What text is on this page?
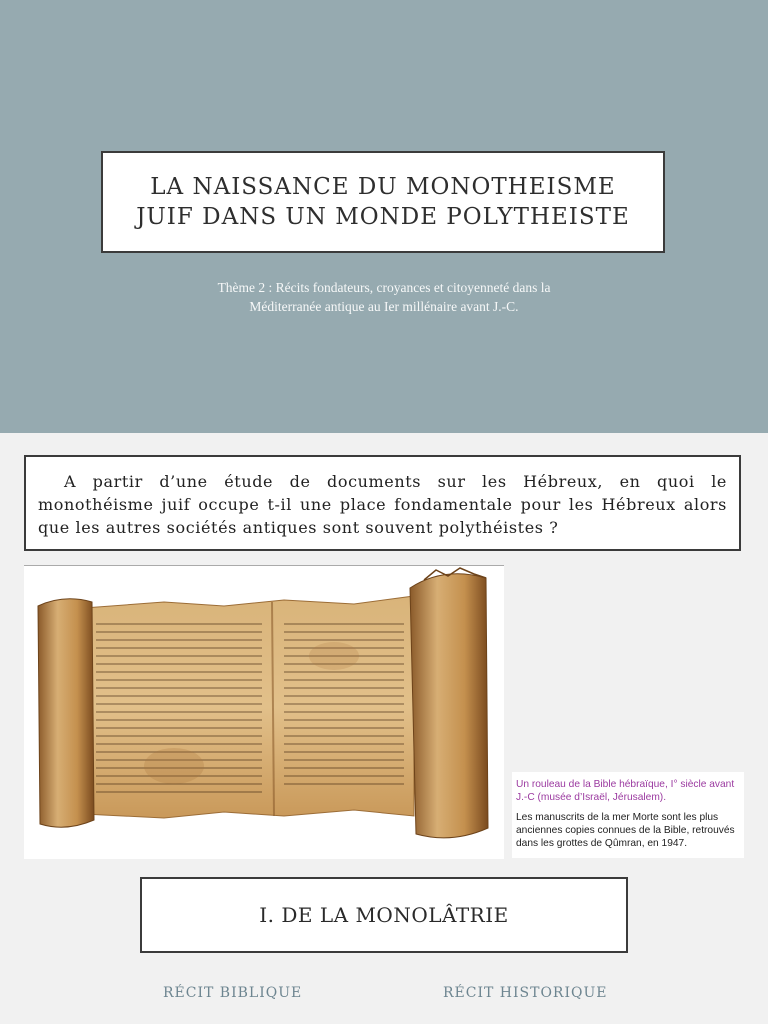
LA NAISSANCE DU MONOTHEISME
JUIF DANS UN MONDE POLYTHEISTE
Thème 2 : Récits fondateurs, croyances et citoyenneté dans la
Méditerranée antique au Ier millénaire avant J.-C.

A partir d’une étude de documents sur les Hébreux, en quoi le monothéisme juif occupe t-il une place fondamentale pour les Hébreux alors que les autres sociétés antiques sont souvent polythéistes ?

Un rouleau de la Bible hébraïque, I° siècle avant J.-C (musée d’Israël, Jérusalem).

Les manuscrits de la mer Morte sont les plus anciennes copies connues de la Bible, retrouvés dans les grottes de Qûmran, en 1947.

I. DE LA MONOLÂTRIE
RÉCIT BIBLIQUE	RÉCIT HISTORIQUE
